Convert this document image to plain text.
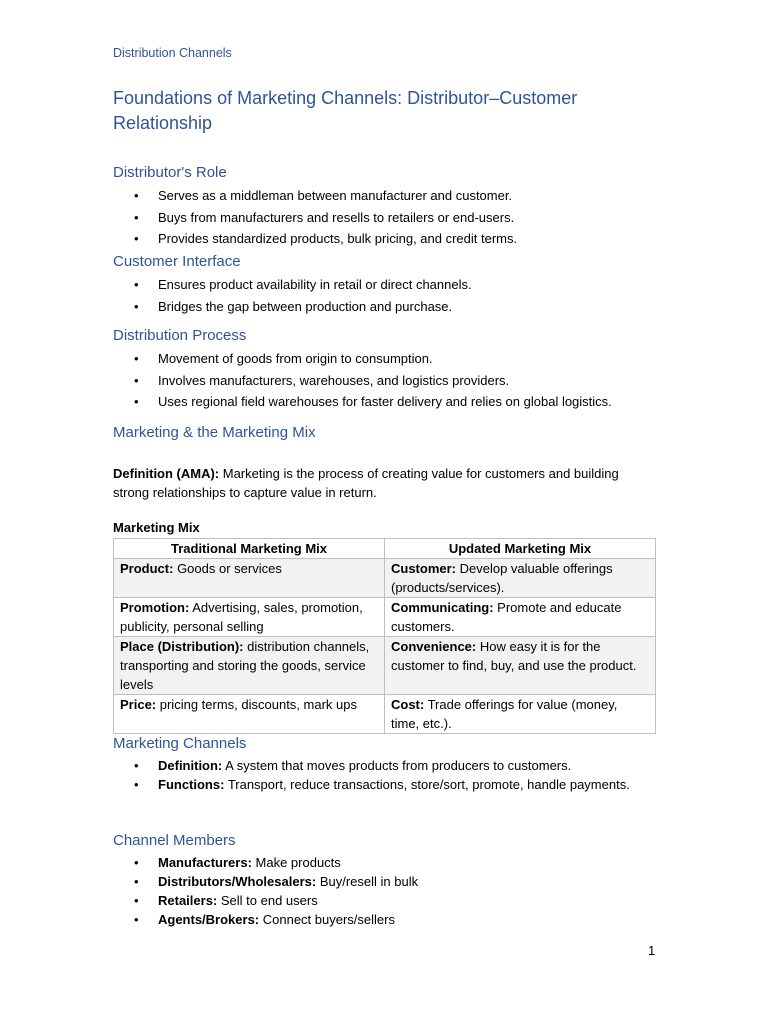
Distribution Channels
Foundations of Marketing Channels: Distributor–Customer Relationship
Distributor's Role
• Serves as a middleman between manufacturer and customer.
• Buys from manufacturers and resells to retailers or end-users.
• Provides standardized products, bulk pricing, and credit terms.
Customer Interface
• Ensures product availability in retail or direct channels.
• Bridges the gap between production and purchase.
Distribution Process
• Movement of goods from origin to consumption.
• Involves manufacturers, warehouses, and logistics providers.
• Uses regional field warehouses for faster delivery and relies on global logistics.
Marketing & the Marketing Mix
Definition (AMA): Marketing is the process of creating value for customers and building strong relationships to capture value in return.
Marketing Mix
Traditional Marketing Mix	Updated Marketing Mix
Product: Goods or services	Customer: Develop valuable offerings (products/services).
Promotion: Advertising, sales, promotion, publicity, personal selling	Communicating: Promote and educate customers.
Place (Distribution): distribution channels, transporting and storing the goods, service levels	Convenience: How easy it is for the customer to find, buy, and use the product.
Price: pricing terms, discounts, mark ups	Cost: Trade offerings for value (money, time, etc.).
Marketing Channels
• Definition: A system that moves products from producers to customers.
• Functions: Transport, reduce transactions, store/sort, promote, handle payments.
Channel Members
• Manufacturers: Make products
• Distributors/Wholesalers: Buy/resell in bulk
• Retailers: Sell to end users
• Agents/Brokers: Connect buyers/sellers
1
